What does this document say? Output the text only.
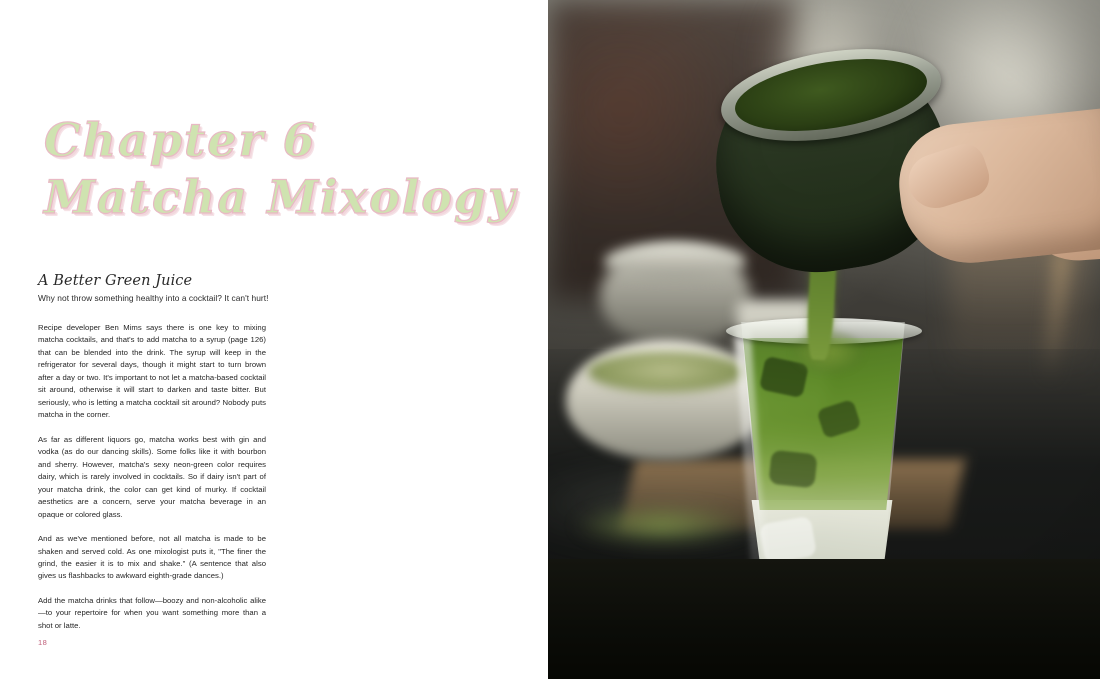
Chapter 6
Matcha Mixology
A Better Green Juice
Why not throw something healthy into a cocktail? It can't hurt!

Recipe developer Ben Mims says there is one key to mixing matcha cocktails, and that's to add matcha to a syrup (page 126) that can be blended into the drink. The syrup will keep in the refrigerator for several days, though it might start to turn brown after a day or two. It's important to not let a matcha-based cocktail sit around, otherwise it will start to darken and taste bitter. But seriously, who is letting a matcha cocktail sit around? Nobody puts matcha in the corner.

As far as different liquors go, matcha works best with gin and vodka (as do our dancing skills). Some folks like it with bourbon and sherry. However, matcha's sexy neon-green color requires dairy, which is rarely involved in cocktails. So if dairy isn't part of your matcha drink, the color can get kind of murky. If cocktail aesthetics are a concern, serve your matcha beverage in an opaque or colored glass.

And as we've mentioned before, not all matcha is made to be shaken and served cold. As one mixologist puts it, "The finer the grind, the easier it is to mix and shake." (A sentence that also gives us flashbacks to awkward eighth-grade dances.)

Add the matcha drinks that follow—boozy and non-alcoholic alike—to your repertoire for when you want something more than a shot or latte.

18
